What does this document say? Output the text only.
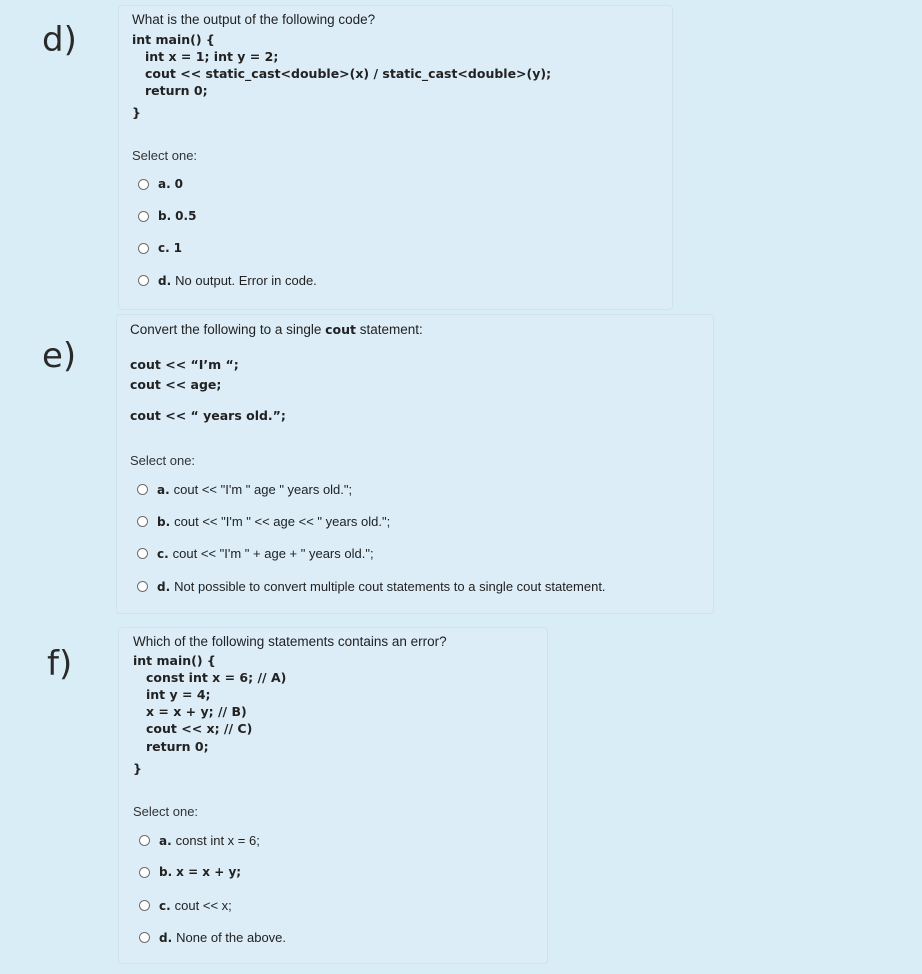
d)
What is the output of the following code?
int main() {
int x = 1; int y = 2;
cout << static_cast<double>(x) / static_cast<double>(y);
return 0;
}
Select one:
a. 0
b. 0.5
c. 1
d. No output. Error in code.
e)
Convert the following to a single cout statement:
cout << “I’m “;
cout << age;
cout << “ years old.”;
Select one:
a. cout << "I'm " age " years old.";
b. cout << "I'm " << age << " years old.";
c. cout << "I'm " + age + " years old.";
d. Not possible to convert multiple cout statements to a single cout statement.
f)
Which of the following statements contains an error?
int main() {
const int x = 6; // A)
int y = 4;
x = x + y; // B)
cout << x; // C)
return 0;
}
Select one:
a. const int x = 6;
b. x = x + y;
c. cout << x;
d. None of the above.
